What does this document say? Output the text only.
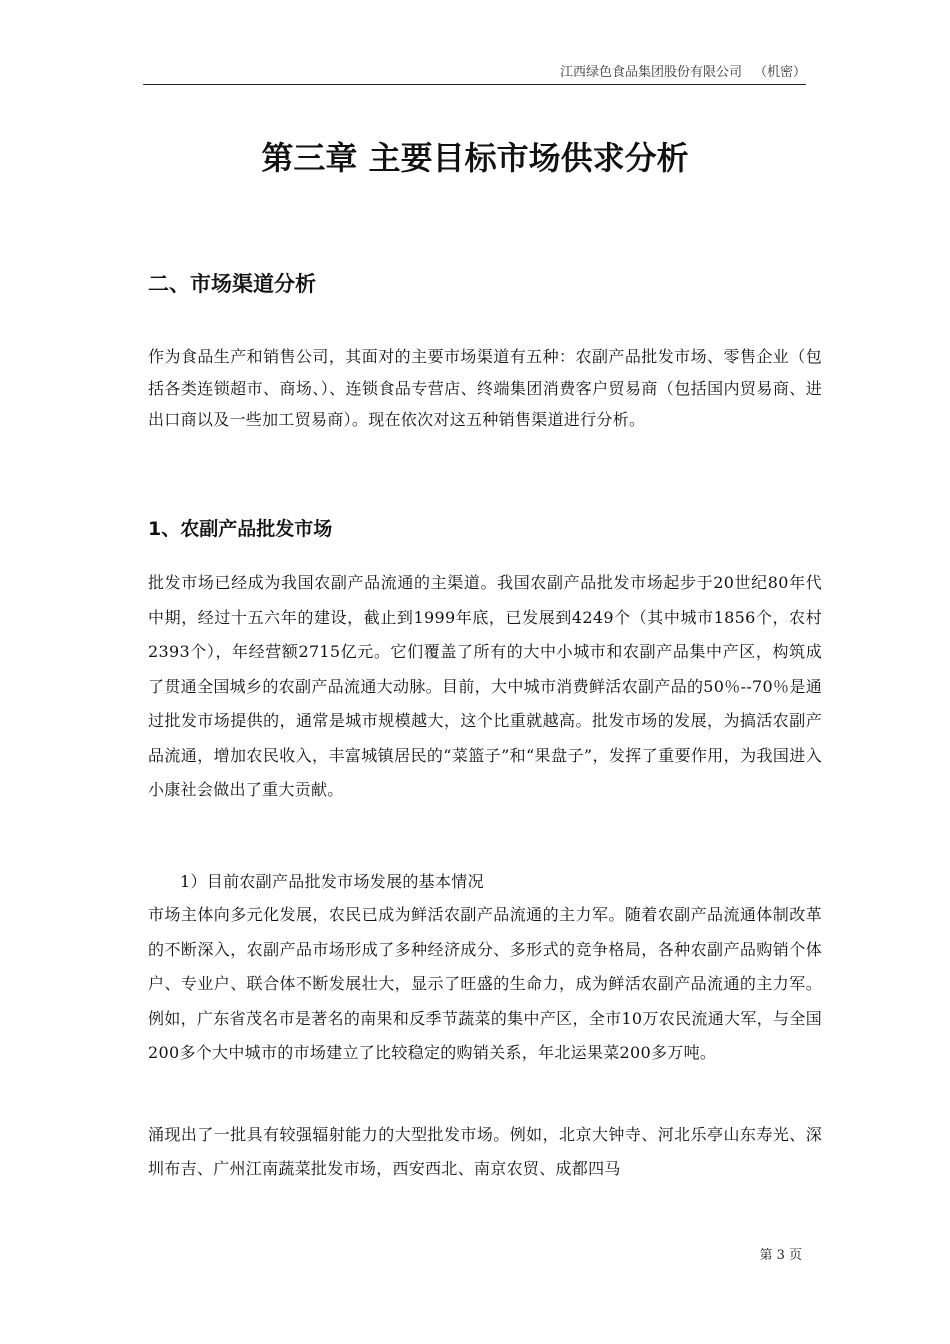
江西绿色食品集团股份有限公司 （机密）
第三章 主要目标市场供求分析
二、市场渠道分析

作为食品生产和销售公司，其面对的主要市场渠道有五种：农副产品批发市场、零售企业（包括各类连锁超市、商场、）、连锁食品专营店、终端集团消费客户贸易商（包括国内贸易商、进出口商以及一些加工贸易商）。现在依次对这五种销售渠道进行分析。

1、农副产品批发市场

批发市场已经成为我国农副产品流通的主渠道。我国农副产品批发市场起步于20世纪80年代中期，经过十五六年的建设，截止到1999年底，已发展到4249个（其中城市1856个，农村2393个），年经营额2715亿元。它们覆盖了所有的大中小城市和农副产品集中产区，构筑成了贯通全国城乡的农副产品流通大动脉。目前，大中城市消费鲜活农副产品的50％--70％是通过批发市场提供的，通常是城市规模越大，这个比重就越高。批发市场的发展，为搞活农副产品流通，增加农民收入，丰富城镇居民的“菜篮子”和“果盘子”，发挥了重要作用，为我国进入小康社会做出了重大贡献。

1）目前农副产品批发市场发展的基本情况

市场主体向多元化发展，农民已成为鲜活农副产品流通的主力军。随着农副产品流通体制改革的不断深入，农副产品市场形成了多种经济成分、多形式的竞争格局，各种农副产品购销个体户、专业户、联合体不断发展壮大，显示了旺盛的生命力，成为鲜活农副产品流通的主力军。例如，广东省茂名市是著名的南果和反季节蔬菜的集中产区，全市10万农民流通大军，与全国200多个大中城市的市场建立了比较稳定的购销关系，年北运果菜200多万吨。

涌现出了一批具有较强辐射能力的大型批发市场。例如，北京大钟寺、河北乐亭山东寿光、深圳布吉、广州江南蔬菜批发市场，西安西北、南京农贸、成都四马

第 3 页
